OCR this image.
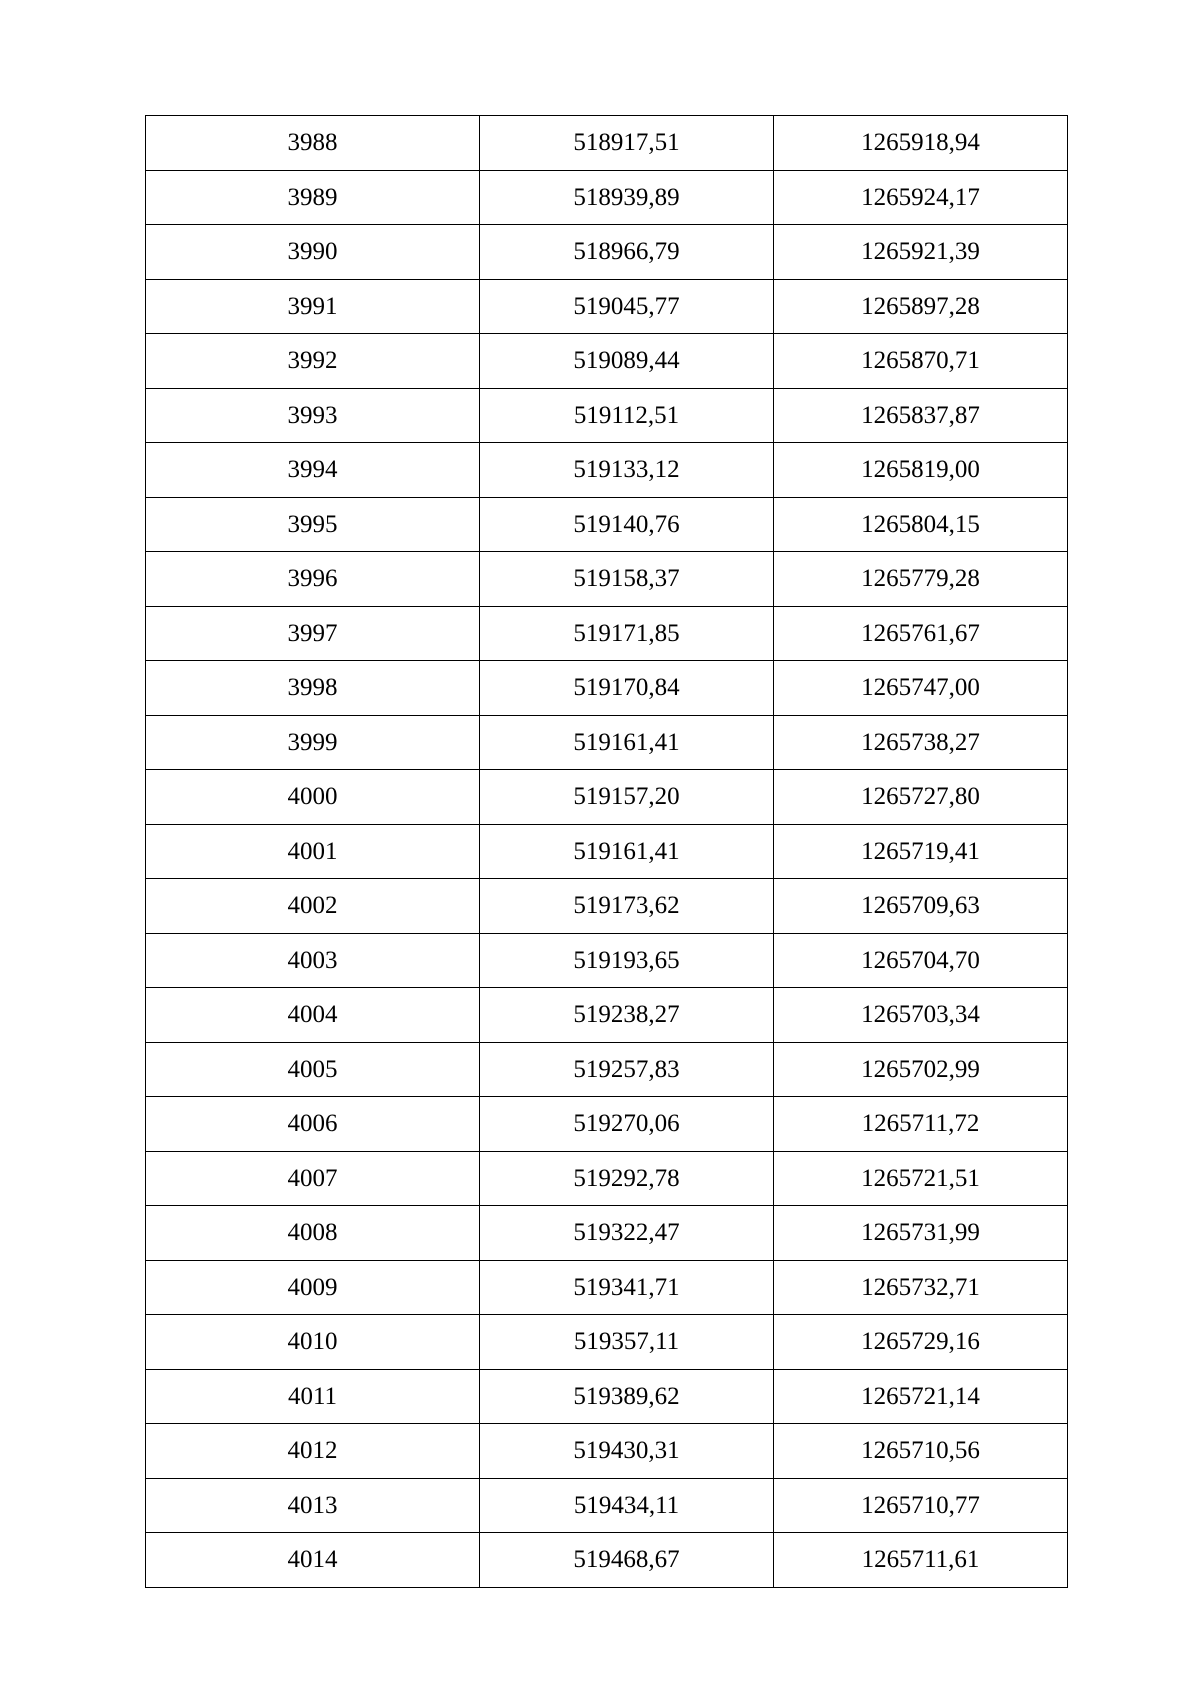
3988	518917,51	1265918,94
3989	518939,89	1265924,17
3990	518966,79	1265921,39
3991	519045,77	1265897,28
3992	519089,44	1265870,71
3993	519112,51	1265837,87
3994	519133,12	1265819,00
3995	519140,76	1265804,15
3996	519158,37	1265779,28
3997	519171,85	1265761,67
3998	519170,84	1265747,00
3999	519161,41	1265738,27
4000	519157,20	1265727,80
4001	519161,41	1265719,41
4002	519173,62	1265709,63
4003	519193,65	1265704,70
4004	519238,27	1265703,34
4005	519257,83	1265702,99
4006	519270,06	1265711,72
4007	519292,78	1265721,51
4008	519322,47	1265731,99
4009	519341,71	1265732,71
4010	519357,11	1265729,16
4011	519389,62	1265721,14
4012	519430,31	1265710,56
4013	519434,11	1265710,77
4014	519468,67	1265711,61
